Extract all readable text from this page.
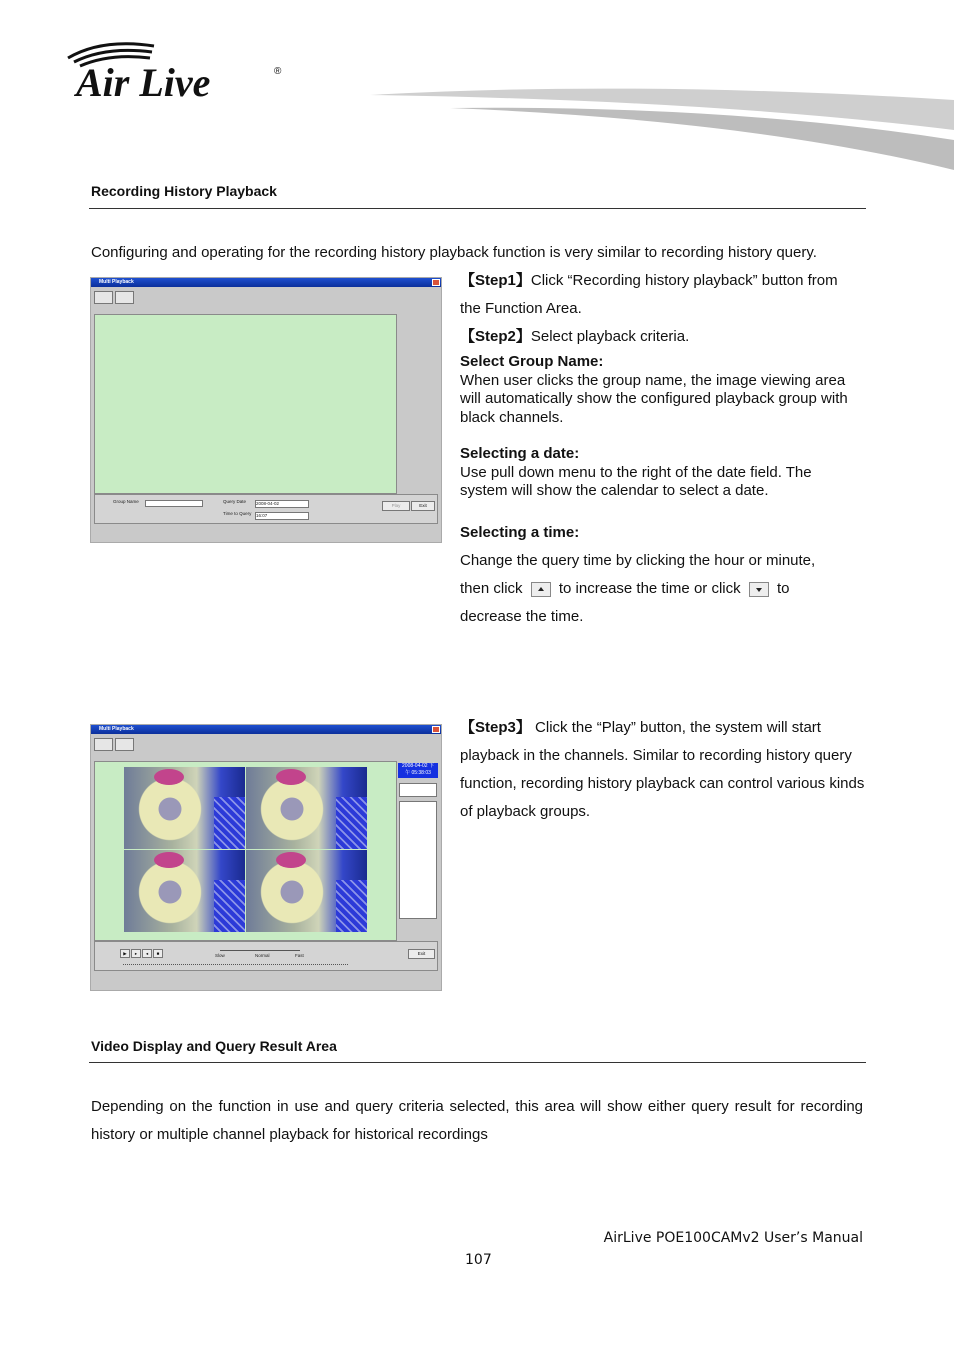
Air Live	®
Recording History Playback
Configuring and operating for the recording history playback function is very similar to recording history query.
Multi Playback
Group Name	Query Date 2008-04-02
Time to Query 16:07
Play	Exit
【Step1】Click “Recording history playback” button from
the Function Area.
【Step2】Select playback criteria.
Select Group Name:
When user clicks the group name, the image viewing area will automatically show the configured playback group with black channels.
Selecting a date:
Use pull down menu to the right of the date field. The system will show the calendar to select a date.
Selecting a time:
Change the query time by clicking the hour or minute,
then click to increase the time or click to
decrease the time.
Multi Playback
2008-04-02 下
午 05:38:03
▶	▸	◂	■	Slow	Normal	Fast	Exit
【Step3】 Click the “Play” button, the system will start playback in the channels. Similar to recording history query function, recording history playback can control various kinds of playback groups.
Video Display and Query Result Area
Depending on the function in use and query criteria selected, this area will show either query result for recording history or multiple channel playback for historical recordings
AirLive POE100CAMv2 User’s Manual
107
